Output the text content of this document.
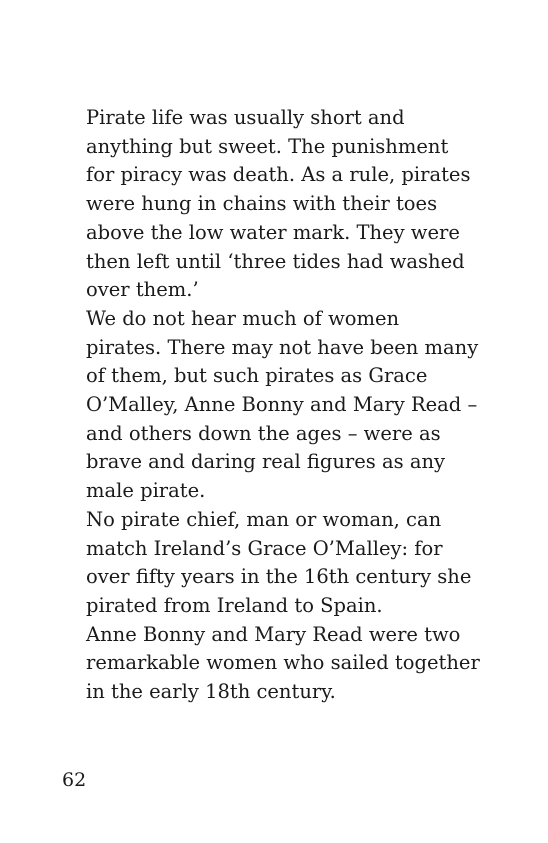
Pirate life was usually short and
anything but sweet. The punishment
for piracy was death. As a rule, pirates
were hung in chains with their toes
above the low water mark. They were
then left until ‘three tides had washed
over them.’

We do not hear much of women
pirates. There may not have been many
of them, but such pirates as Grace
O’Malley, Anne Bonny and Mary Read –
and others down the ages – were as
brave and daring real figures as any
male pirate.

No pirate chief, man or woman, can
match Ireland’s Grace O’Malley: for
over fifty years in the 16th century she
pirated from Ireland to Spain.

Anne Bonny and Mary Read were two
remarkable women who sailed together
in the early 18th century.

62
